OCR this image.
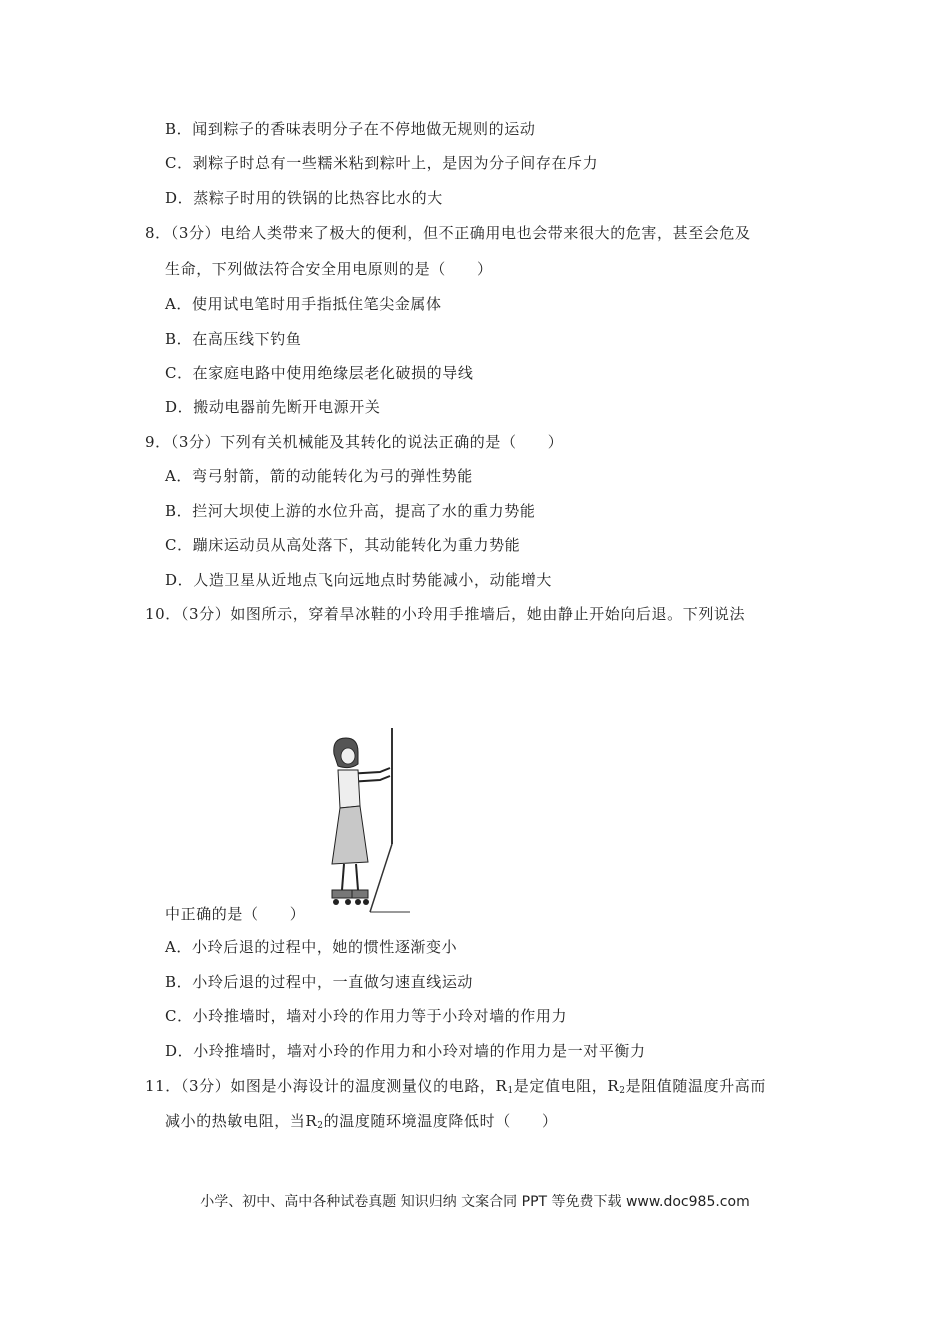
B．闻到粽子的香味表明分子在不停地做无规则的运动
C．剥粽子时总有一些糯米粘到粽叶上，是因为分子间存在斥力
D．蒸粽子时用的铁锅的比热容比水的大
8．（3分）电给人类带来了极大的便利，但不正确用电也会带来很大的危害，甚至会危及
生命，下列做法符合安全用电原则的是（　　）
A．使用试电笔时用手指抵住笔尖金属体
B．在高压线下钓鱼
C．在家庭电路中使用绝缘层老化破损的导线
D．搬动电器前先断开电源开关
9．（3分）下列有关机械能及其转化的说法正确的是（　　）
A．弯弓射箭，箭的动能转化为弓的弹性势能
B．拦河大坝使上游的水位升高，提高了水的重力势能
C．蹦床运动员从高处落下，其动能转化为重力势能
D．人造卫星从近地点飞向远地点时势能减小，动能增大
10．（3分）如图所示，穿着旱冰鞋的小玲用手推墙后，她由静止开始向后退。下列说法
中正确的是（　　）
A．小玲后退的过程中，她的惯性逐渐变小
B．小玲后退的过程中，一直做匀速直线运动
C．小玲推墙时，墙对小玲的作用力等于小玲对墙的作用力
D．小玲推墙时，墙对小玲的作用力和小玲对墙的作用力是一对平衡力
11．（3分）如图是小海设计的温度测量仪的电路，$R_1$是定值电阻，$R_2$是阻值随温度升高而
减小的热敏电阻，当$R_2$的温度随环境温度降低时（　　）
小学、初中、高中各种试卷真题 知识归纳 文案合同 PPT 等免费下载 www.doc985.com
